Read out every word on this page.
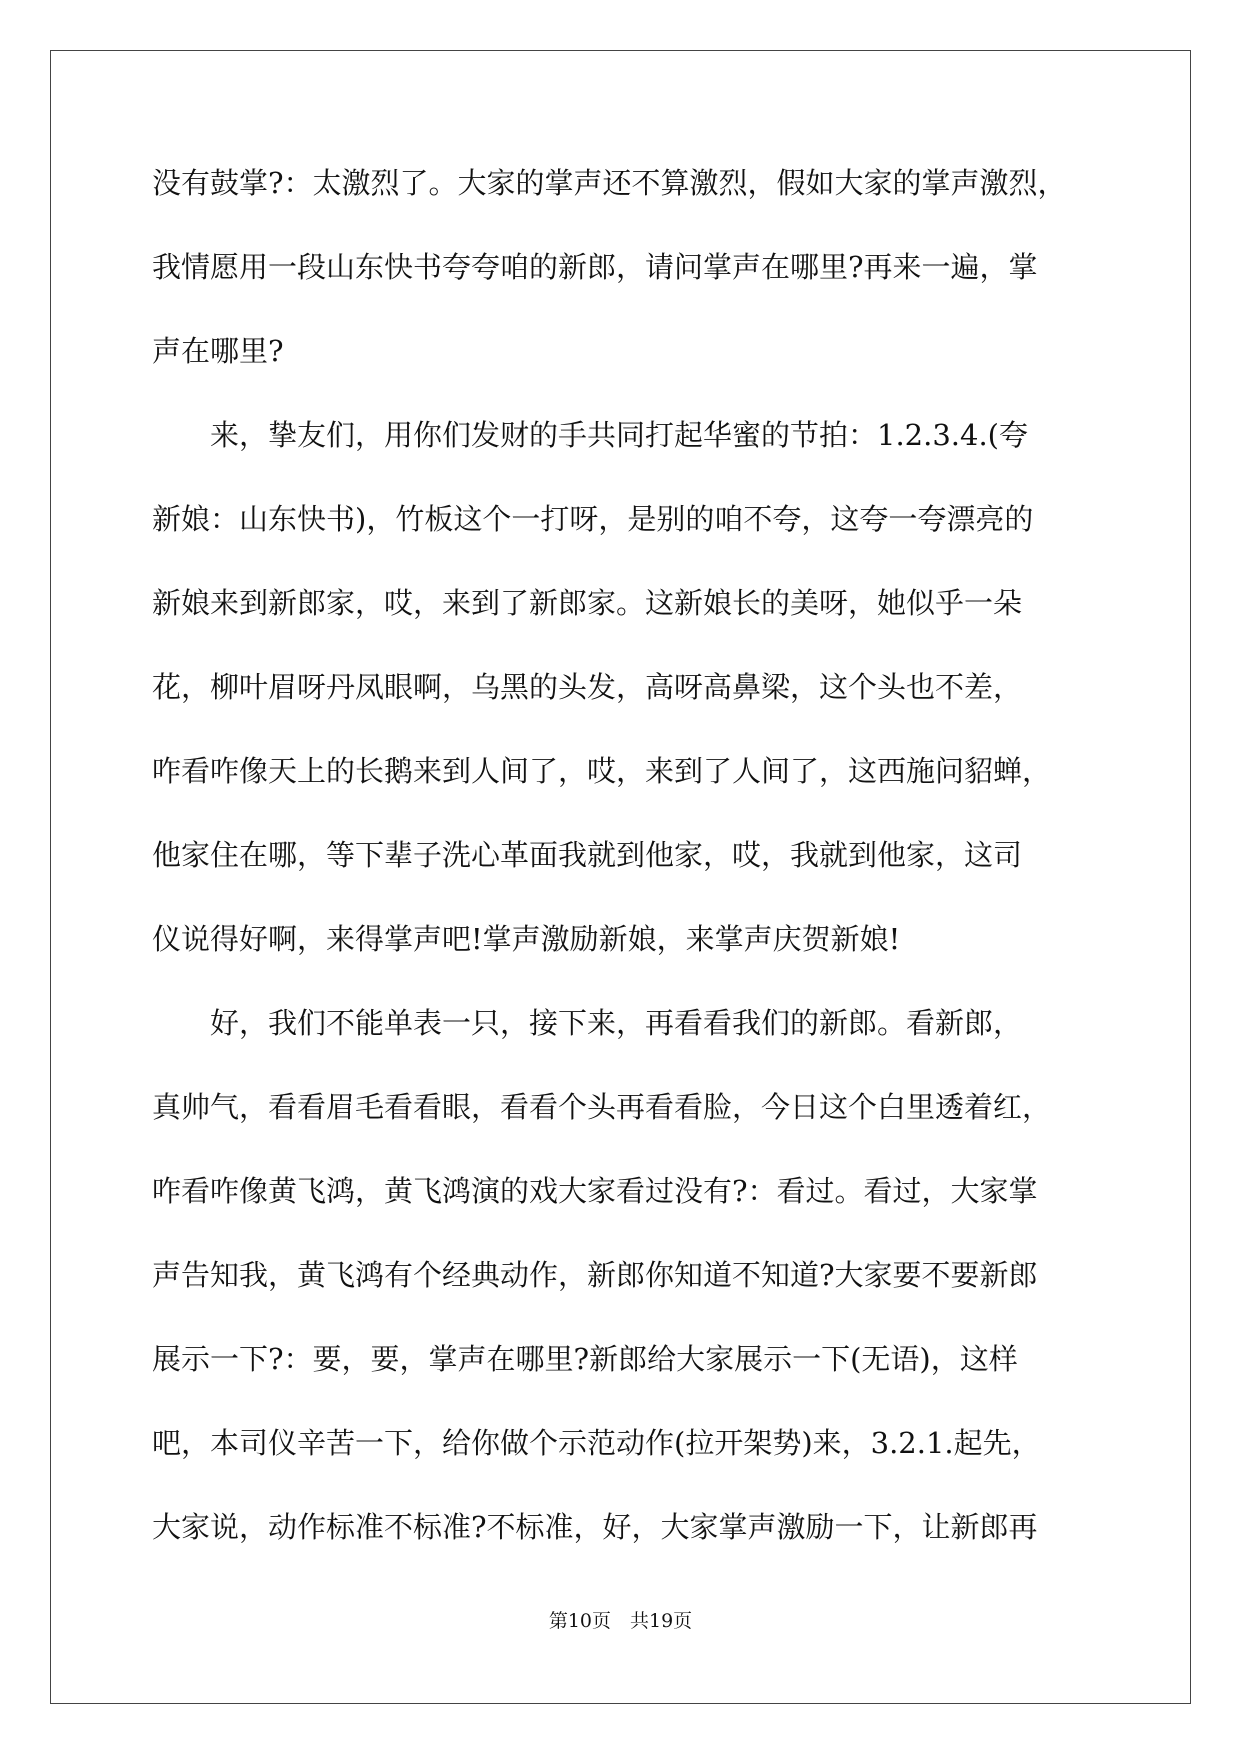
没有鼓掌?：太激烈了。大家的掌声还不算激烈，假如大家的掌声激烈，
我情愿用一段山东快书夸夸咱的新郎，请问掌声在哪里?再来一遍，掌
声在哪里?
　　来，挚友们，用你们发财的手共同打起华蜜的节拍：1.2.3.4.(夸
新娘：山东快书)，竹板这个一打呀，是别的咱不夸，这夸一夸漂亮的
新娘来到新郎家，哎，来到了新郎家。这新娘长的美呀，她似乎一朵
花，柳叶眉呀丹凤眼啊，乌黑的头发，高呀高鼻梁，这个头也不差，
咋看咋像天上的长鹅来到人间了，哎，来到了人间了，这西施问貂蝉，
他家住在哪，等下辈子洗心革面我就到他家，哎，我就到他家，这司
仪说得好啊，来得掌声吧!掌声激励新娘，来掌声庆贺新娘!
　　好，我们不能单表一只，接下来，再看看我们的新郎。看新郎，
真帅气，看看眉毛看看眼，看看个头再看看脸，今日这个白里透着红，
咋看咋像黄飞鸿，黄飞鸿演的戏大家看过没有?：看过。看过，大家掌
声告知我，黄飞鸿有个经典动作，新郎你知道不知道?大家要不要新郎
展示一下?：要，要，掌声在哪里?新郎给大家展示一下(无语)，这样
吧，本司仪辛苦一下，给你做个示范动作(拉开架势)来，3.2.1.起先，
大家说，动作标准不标准?不标准，好，大家掌声激励一下，让新郎再
第10页　共19页
